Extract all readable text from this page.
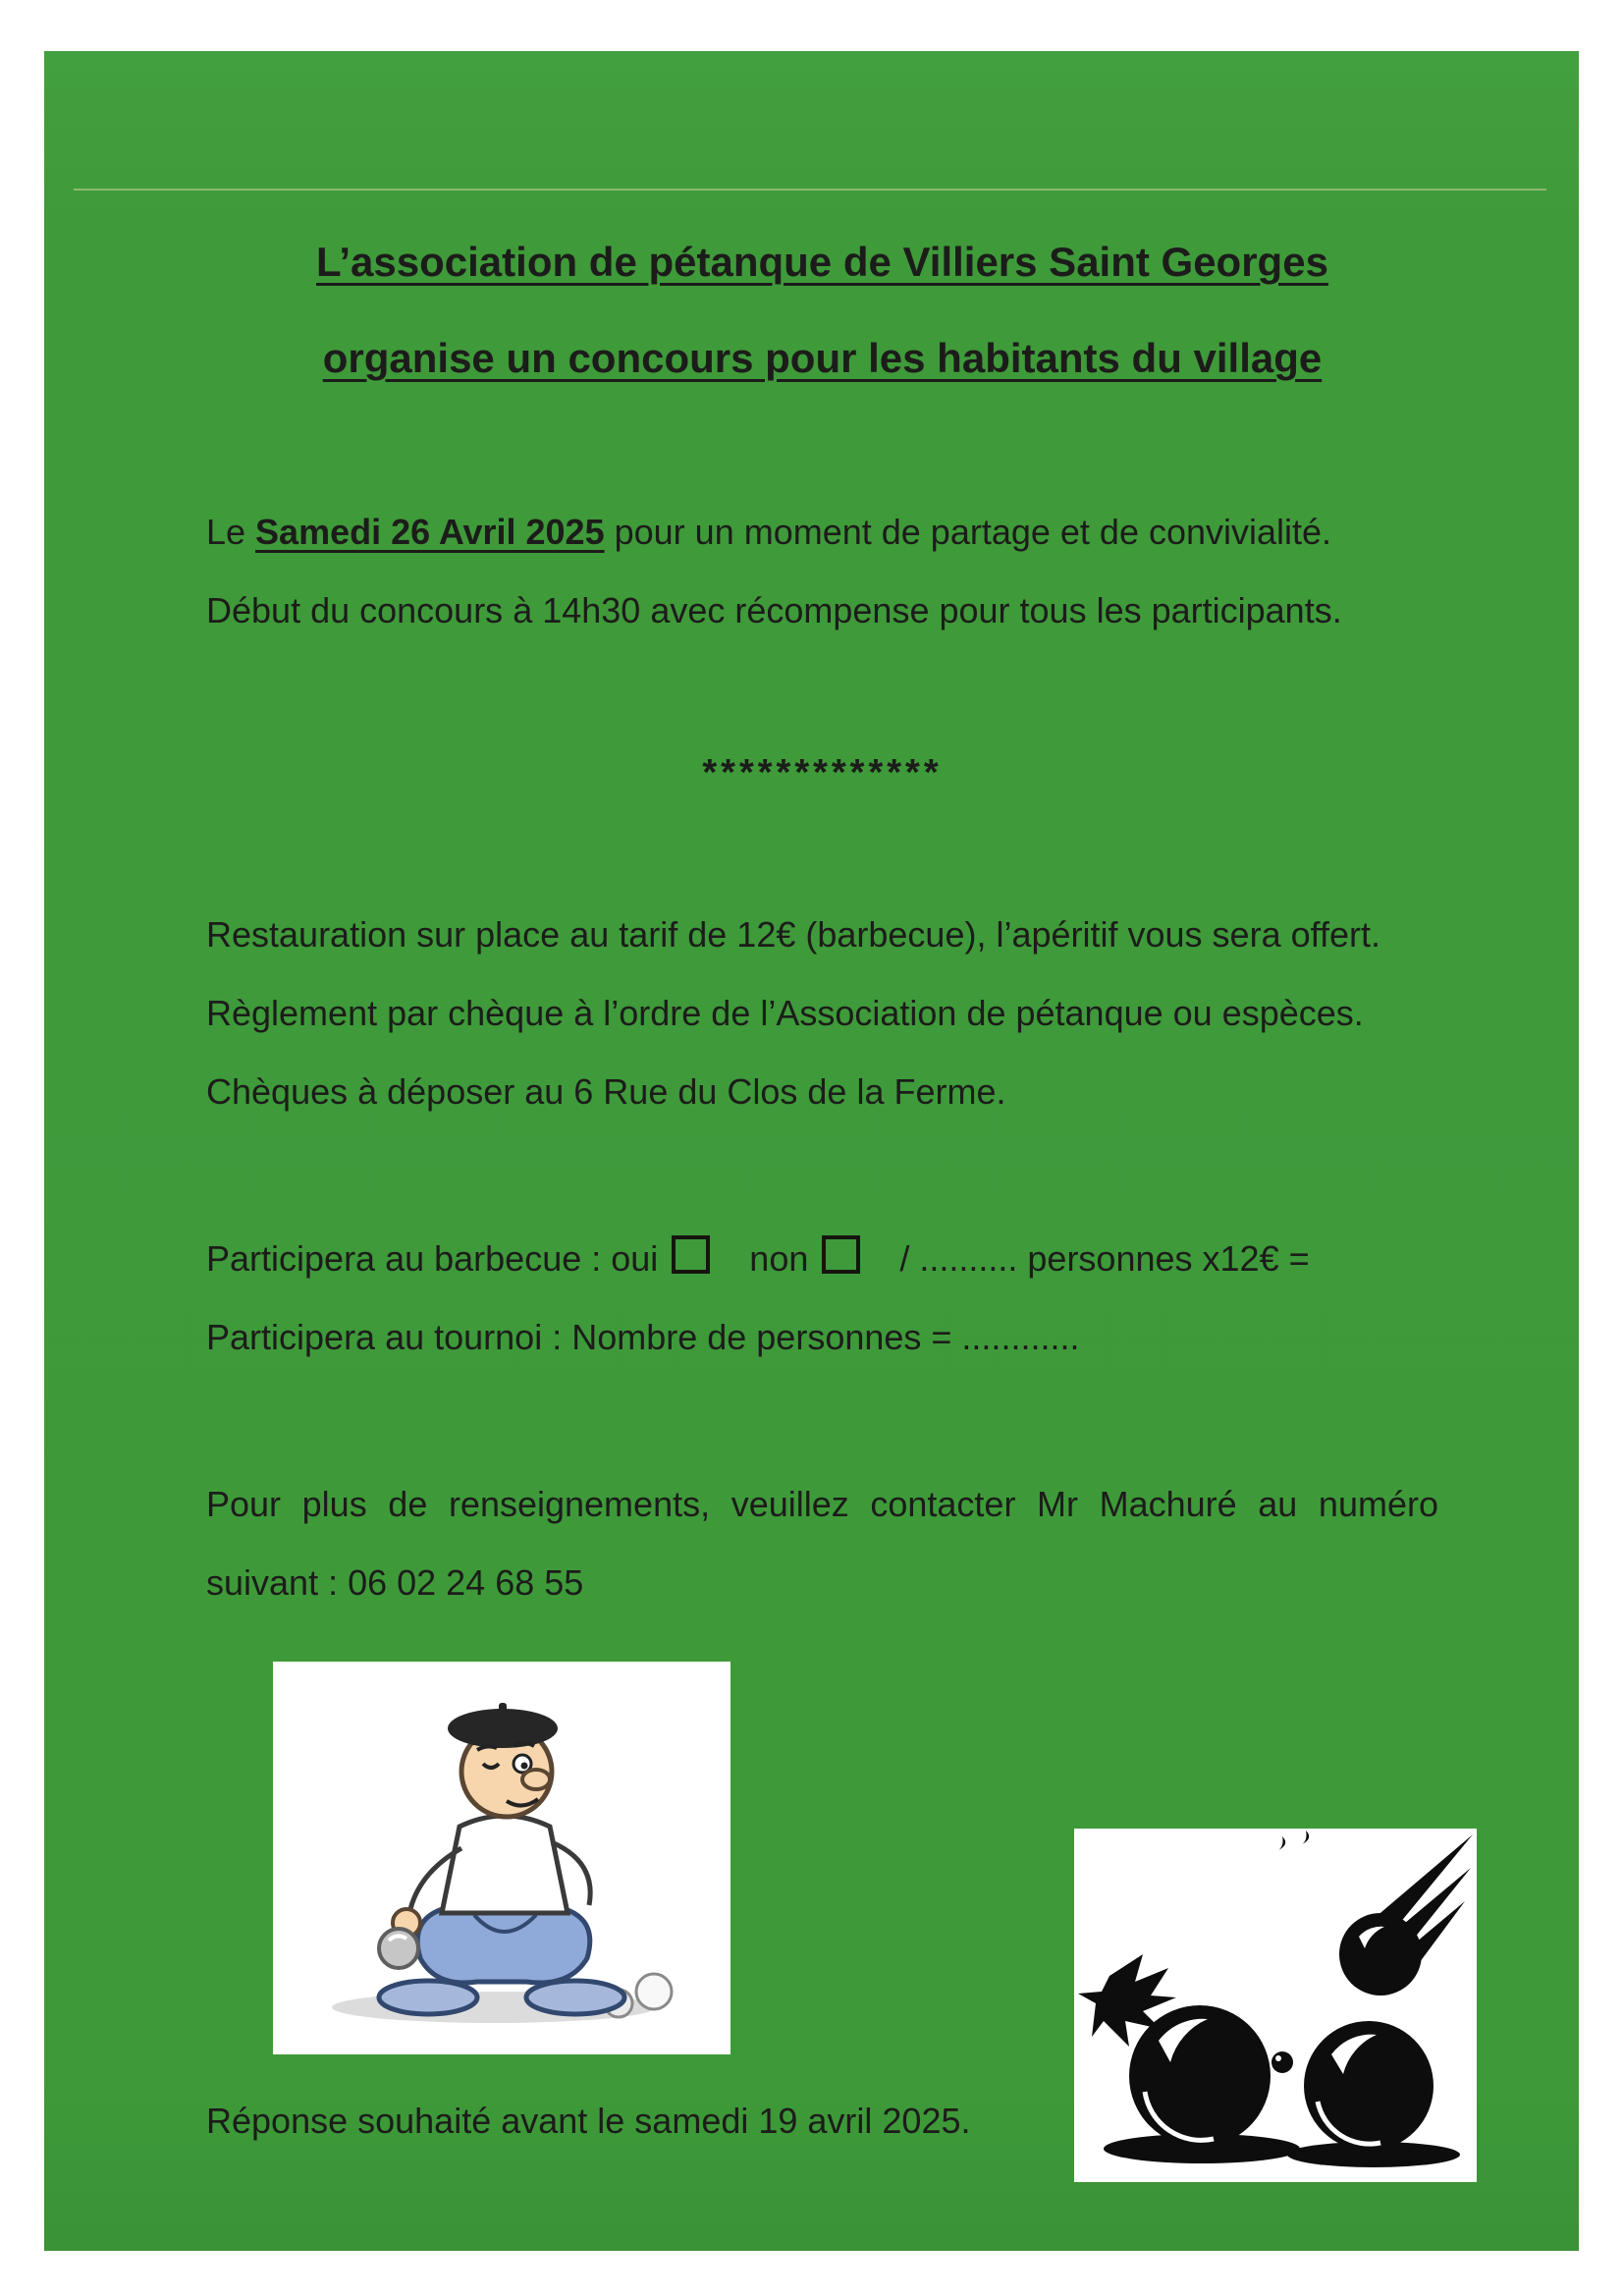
L’association de pétanque de Villiers Saint Georges
organise un concours pour les habitants du village
Le Samedi 26 Avril 2025 pour un moment de partage et de convivialité.
Début du concours à 14h30 avec récompense pour tous les participants.
*************
Restauration sur place au tarif de 12€ (barbecue), l’apéritif vous sera offert.
Règlement par chèque à l’ordre de l’Association de pétanque ou espèces.
Chèques à déposer au 6 Rue du Clos de la Ferme.
Participera au barbecue : oui	non	/ .......... personnes x12€ =
Participera au tournoi : Nombre de personnes = ............
Pour plus de renseignements, veuillez contacter Mr Machuré au numéro
suivant : 06 02 24 68 55
Réponse souhaité avant le samedi 19 avril 2025.
